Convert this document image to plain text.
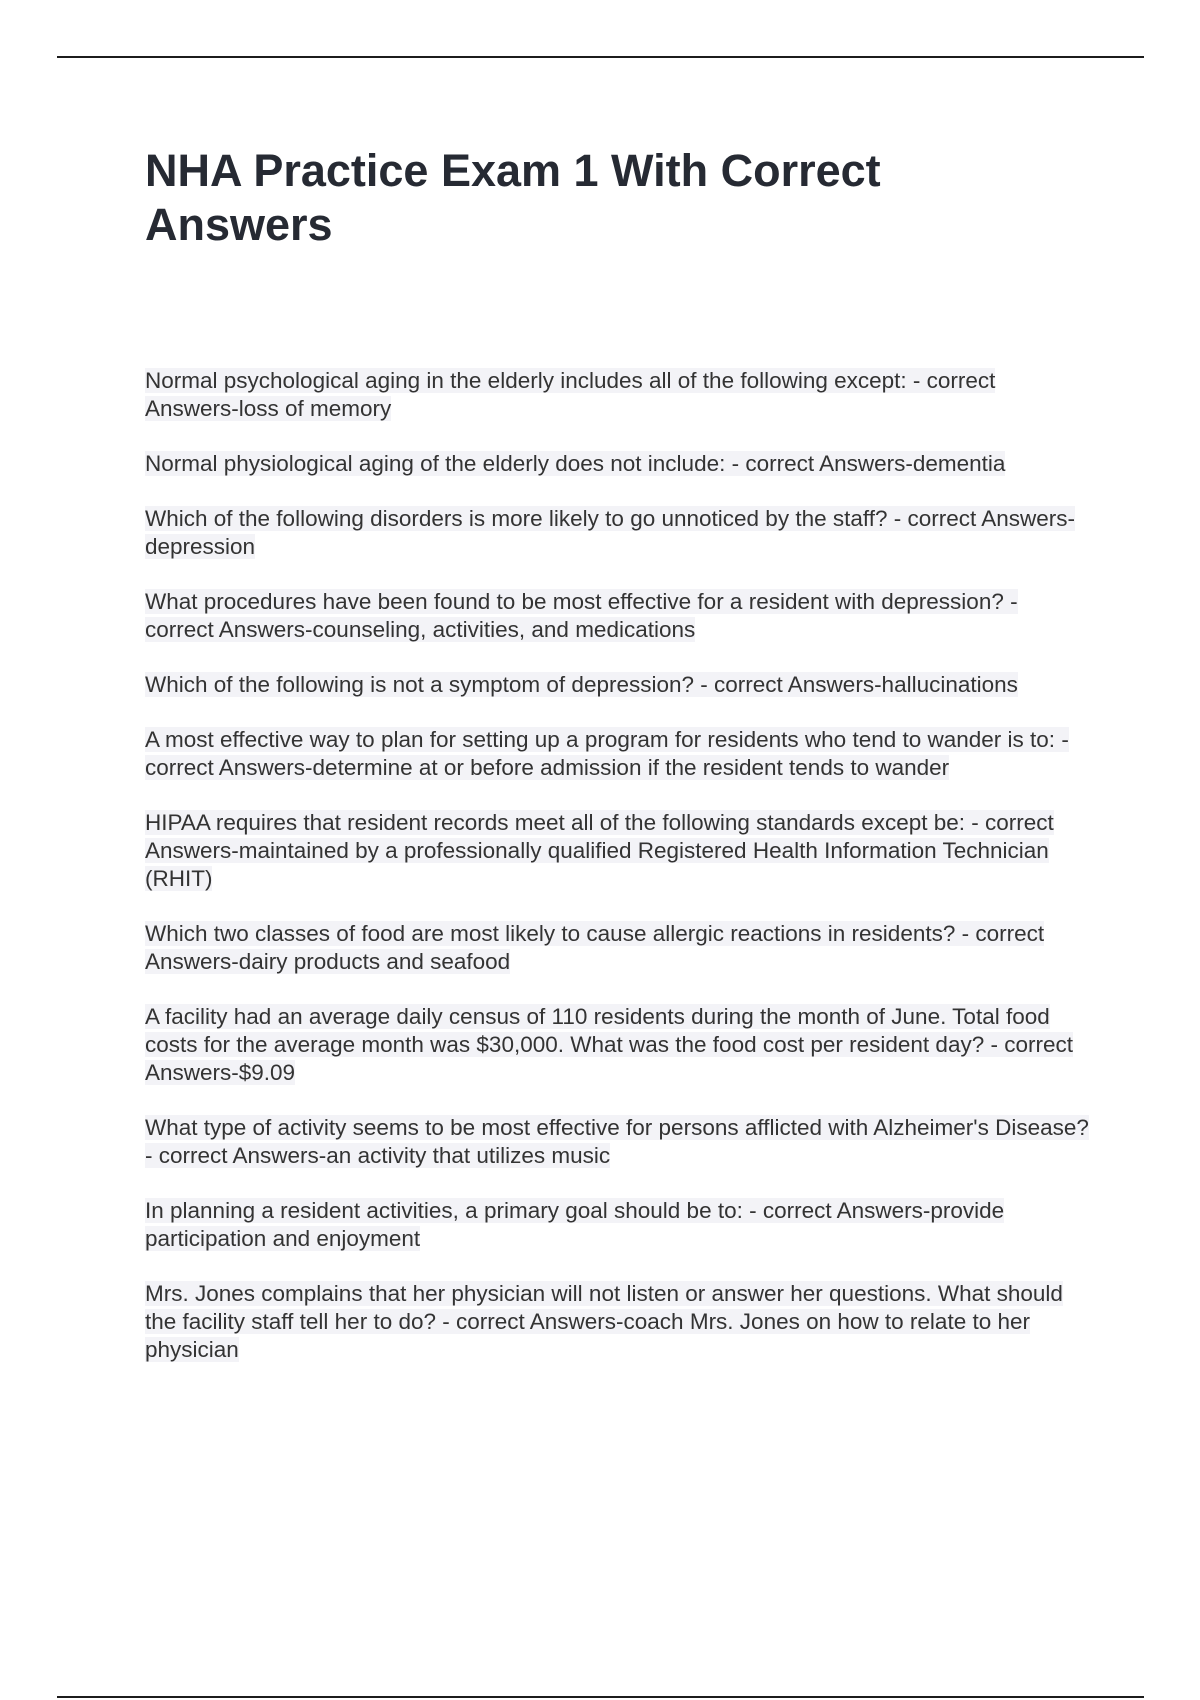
NHA Practice Exam 1 With Correct Answers
Normal psychological aging in the elderly includes all of the following except: - correct Answers-loss of memory
Normal physiological aging of the elderly does not include: - correct Answers-dementia
Which of the following disorders is more likely to go unnoticed by the staff? - correct Answers-depression
What procedures have been found to be most effective for a resident with depression? - correct Answers-counseling, activities, and medications
Which of the following is not a symptom of depression? - correct Answers-hallucinations
A most effective way to plan for setting up a program for residents who tend to wander is to: - correct Answers-determine at or before admission if the resident tends to wander
HIPAA requires that resident records meet all of the following standards except be: - correct Answers-maintained by a professionally qualified Registered Health Information Technician (RHIT)
Which two classes of food are most likely to cause allergic reactions in residents? - correct Answers-dairy products and seafood
A facility had an average daily census of 110 residents during the month of June. Total food costs for the average month was $30,000. What was the food cost per resident day? - correct Answers-$9.09
What type of activity seems to be most effective for persons afflicted with Alzheimer's Disease? - correct Answers-an activity that utilizes music
In planning a resident activities, a primary goal should be to: - correct Answers-provide participation and enjoyment
Mrs. Jones complains that her physician will not listen or answer her questions. What should the facility staff tell her to do? - correct Answers-coach Mrs. Jones on how to relate to her physician
